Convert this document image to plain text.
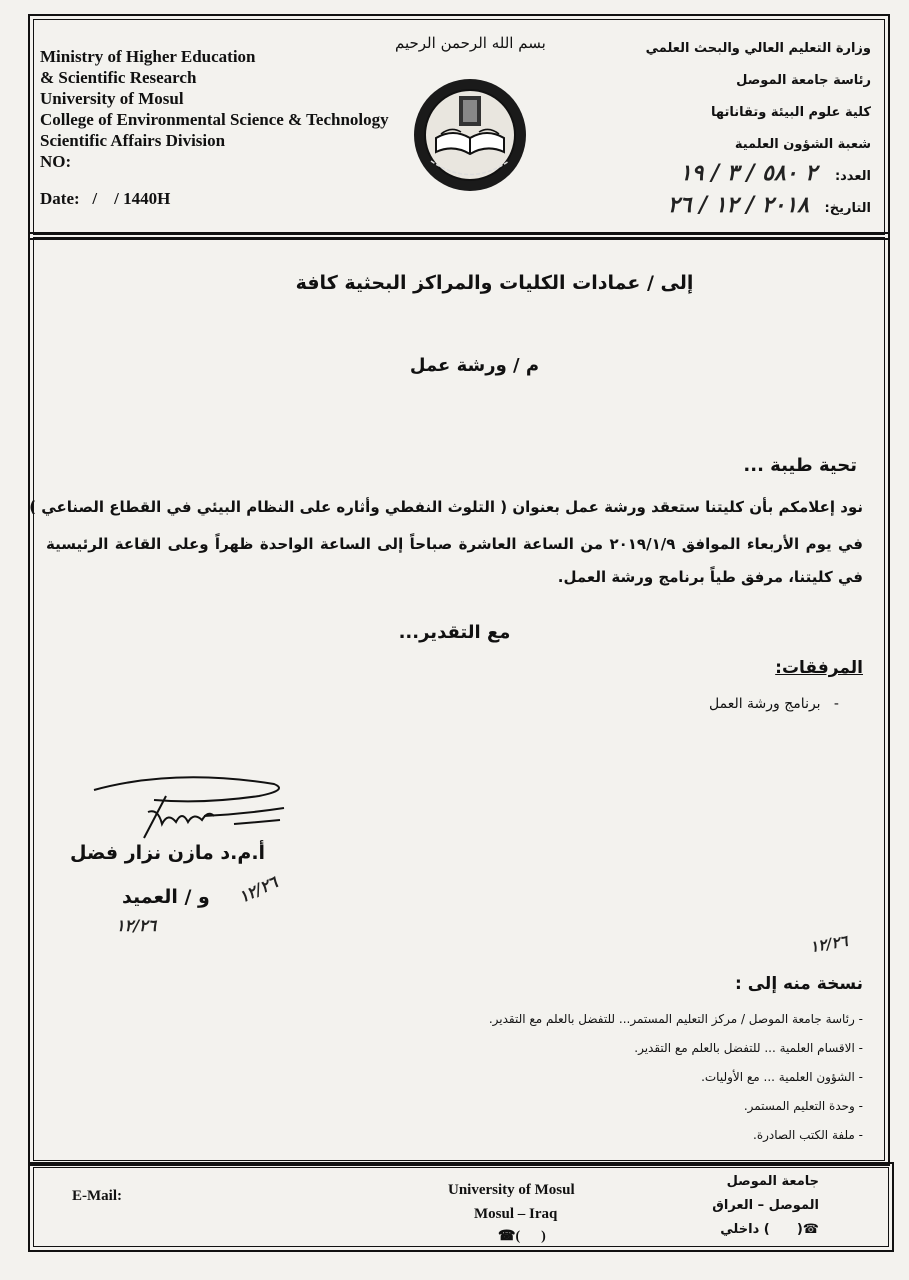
Ministry of Higher Education
& Scientific Research
University of Mosul
College of Environmental Science & Technology
Scientific Affairs Division
NO:
Date:   /    / 1440H
بسم الله الرحمن الرحيم	وزارة التعليم العالي والبحث العلمي
رئاسة جامعة الموصل
كلية علوم البيئة وتقاناتها
شعبة الشؤون العلمية
العدد:
٢ ٥٨٠ / ٣ / ١٩
التاريخ:
٢٠١٨ / ١٢ / ٢٦
إلى / عمادات الكليات والمراكز البحثية كافة
م / ورشة عمل
تحية طيبة ...
نود إعلامكم بأن كليتنا ستعقد ورشة عمل بعنوان ( التلوث النفطي وأثاره على النظام البيئي في القطاع الصناعي )
في يوم الأربعاء الموافق ٢٠١٩/١/٩ من الساعة العاشرة صباحاً إلى الساعة الواحدة ظهراً وعلى القاعة الرئيسية
في كليتنا، مرفق طياً برنامج ورشة العمل.
مع التقدير...
المرفقات:
-   برنامج ورشة العمل
أ.م.د مازن نزار فضل
و / العميد
١٢/٢٦
١٢/٢٦
١٢/٢٦
نسخة منه إلى :
- رئاسة جامعة الموصل / مركز التعليم المستمر... للتفضل بالعلم مع التقدير.
- الاقسام العلمية ... للتفضل بالعلم مع التقدير.
- الشؤون العلمية ... مع الأوليات.
- وحدة التعليم المستمر.
- ملفة الكتب الصادرة.
E-Mail:	University of Mosul
Mosul – Iraq
☎(      )
جامعة الموصل
الموصل – العراق
☎(      ) داخلي
